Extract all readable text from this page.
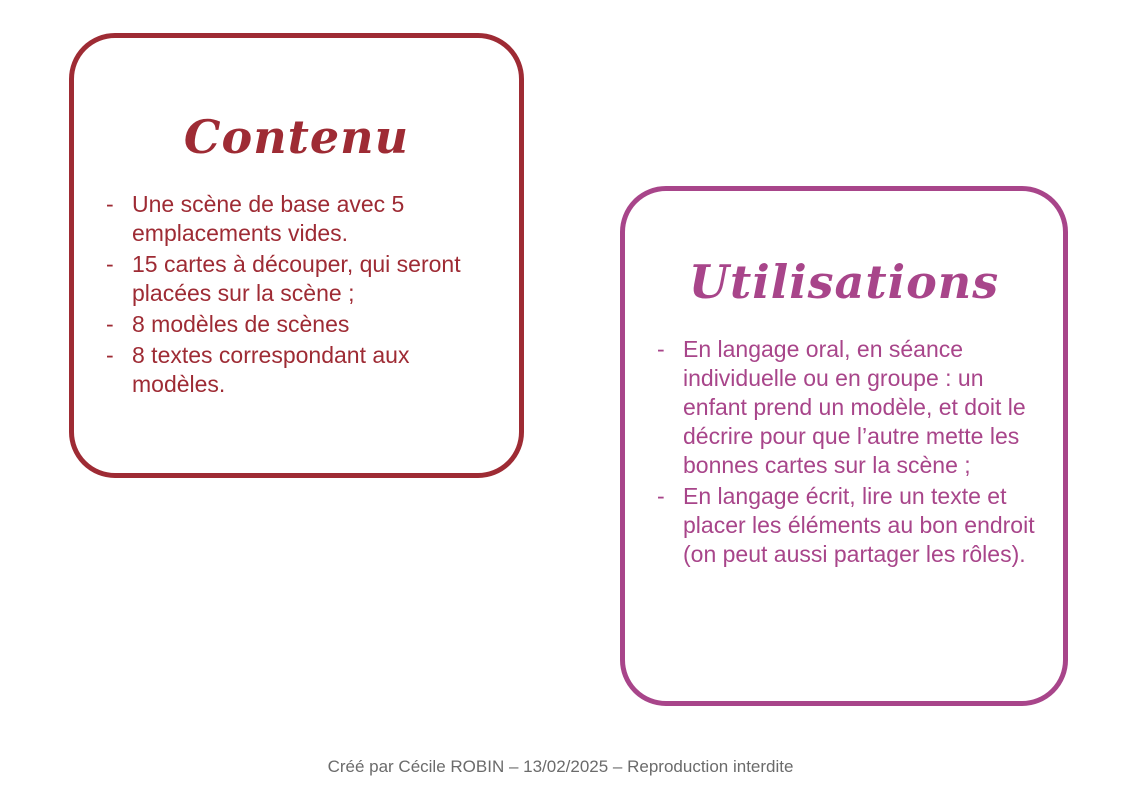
Contenu
- Une scène de base avec 5 emplacements vides.
- 15 cartes à découper, qui seront placées sur la scène ;
- 8 modèles de scènes
- 8 textes correspondant aux modèles.
Utilisations
- En langage oral, en séance individuelle ou en groupe : un enfant prend un modèle, et doit le décrire pour que l’autre mette les bonnes cartes sur la scène ;
- En langage écrit, lire un texte et placer les éléments au bon endroit (on peut aussi partager les rôles).
Créé par Cécile ROBIN – 13/02/2025 – Reproduction interdite
